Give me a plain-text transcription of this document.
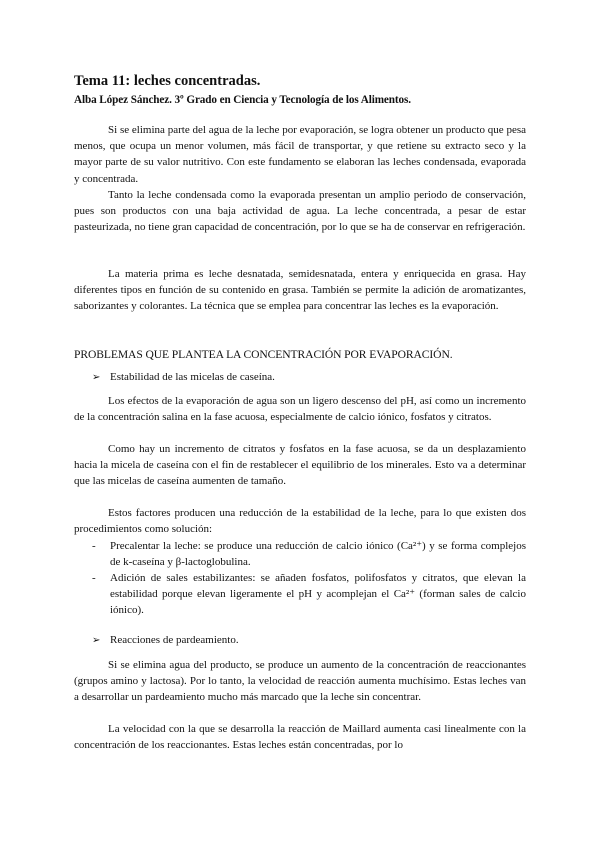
Tema 11: leches concentradas.
Alba López Sánchez. 3º Grado en Ciencia y Tecnología de los Alimentos.

Si se elimina parte del agua de la leche por evaporación, se logra obtener un producto que pesa menos, que ocupa un menor volumen, más fácil de transportar, y que retiene su extracto seco y la mayor parte de su valor nutritivo. Con este fundamento se elaboran las leches condensada, evaporada y concentrada.

Tanto la leche condensada como la evaporada presentan un amplio periodo de conservación, pues son productos con una baja actividad de agua. La leche concentrada, a pesar de estar pasteurizada, no tiene gran capacidad de concentración, por lo que se ha de conservar en refrigeración.

La materia prima es leche desnatada, semidesnatada, entera y enriquecida en grasa. Hay diferentes tipos en función de su contenido en grasa. También se permite la adición de aromatizantes, saborizantes y colorantes. La técnica que se emplea para concentrar las leches es la evaporación.

PROBLEMAS QUE PLANTEA LA CONCENTRACIÓN POR EVAPORACIÓN.
➢ Estabilidad de las micelas de caseína.

Los efectos de la evaporación de agua son un ligero descenso del pH, así como un incremento de la concentración salina en la fase acuosa, especialmente de calcio iónico, fosfatos y citratos.

Como hay un incremento de citratos y fosfatos en la fase acuosa, se da un desplazamiento hacia la micela de caseína con el fin de restablecer el equilibrio de los minerales. Esto va a determinar que las micelas de caseína aumenten de tamaño.

Estos factores producen una reducción de la estabilidad de la leche, para lo que existen dos procedimientos como solución:

-	Precalentar la leche: se produce una reducción de calcio iónico (Ca²⁺) y se forma complejos de k-caseína y β-lactoglobulina.
-	Adición de sales estabilizantes: se añaden fosfatos, polifosfatos y citratos, que elevan la estabilidad porque elevan ligeramente el pH y acomplejan el Ca²⁺ (forman sales de calcio iónico).
➢ Reacciones de pardeamiento.

Si se elimina agua del producto, se produce un aumento de la concentración de reaccionantes (grupos amino y lactosa). Por lo tanto, la velocidad de reacción aumenta muchísimo. Estas leches van a desarrollar un pardeamiento mucho más marcado que la leche sin concentrar.

La velocidad con la que se desarrolla la reacción de Maillard aumenta casi linealmente con la concentración de los reaccionantes. Estas leches están concentradas, por lo
